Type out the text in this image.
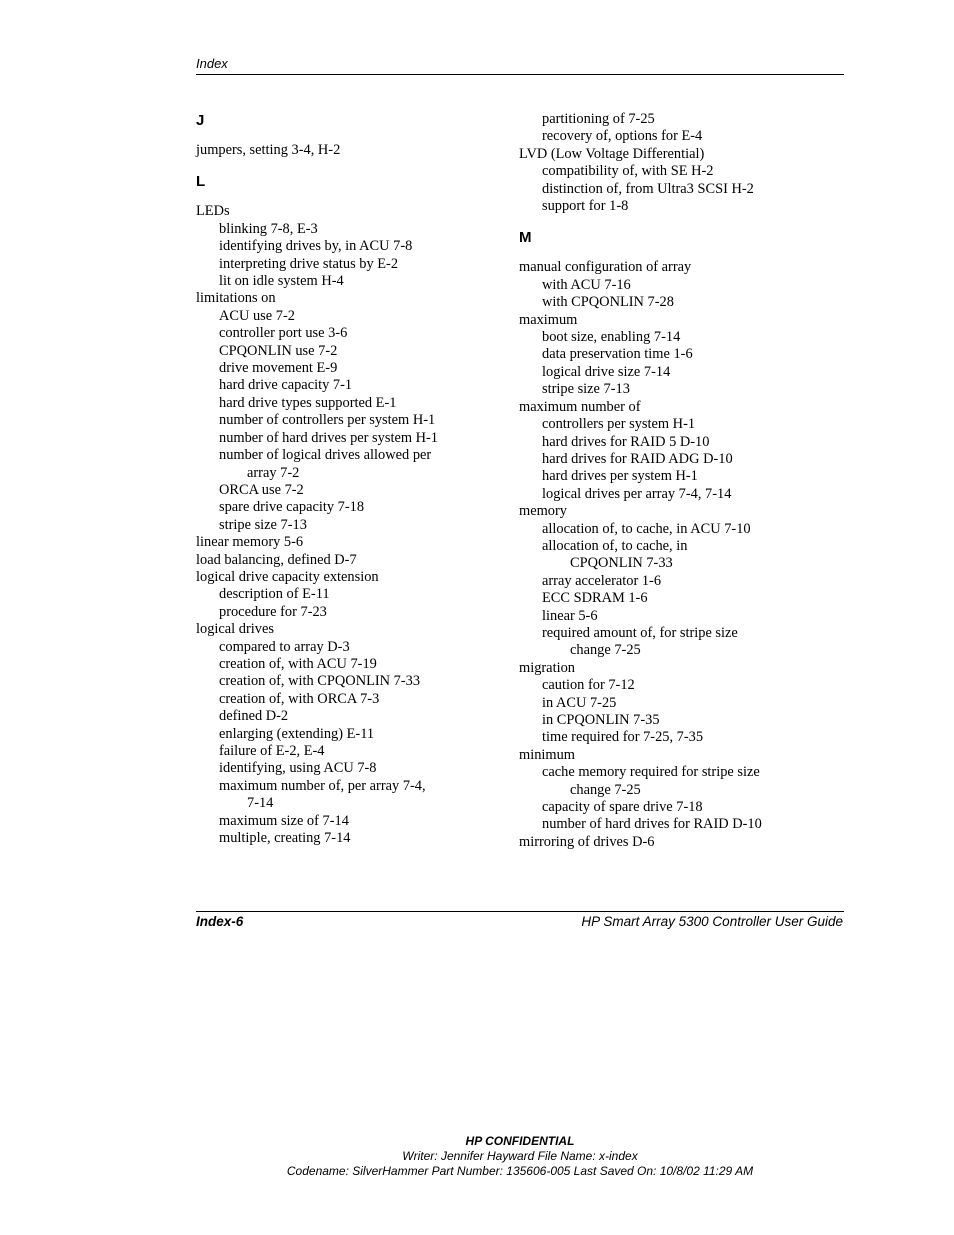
Index
J
jumpers, setting 3-4, H-2
L
LEDs
blinking 7-8, E-3
identifying drives by, in ACU 7-8
interpreting drive status by E-2
lit on idle system H-4
limitations on
ACU use 7-2
controller port use 3-6
CPQONLIN use 7-2
drive movement E-9
hard drive capacity 7-1
hard drive types supported E-1
number of controllers per system H-1
number of hard drives per system H-1
number of logical drives allowed per
array 7-2
ORCA use 7-2
spare drive capacity 7-18
stripe size 7-13
linear memory 5-6
load balancing, defined D-7
logical drive capacity extension
description of E-11
procedure for 7-23
logical drives
compared to array D-3
creation of, with ACU 7-19
creation of, with CPQONLIN 7-33
creation of, with ORCA 7-3
defined D-2
enlarging (extending) E-11
failure of E-2, E-4
identifying, using ACU 7-8
maximum number of, per array 7-4,
7-14
maximum size of 7-14
multiple, creating 7-14
partitioning of 7-25
recovery of, options for E-4
LVD (Low Voltage Differential)
compatibility of, with SE H-2
distinction of, from Ultra3 SCSI H-2
support for 1-8
M
manual configuration of array
with ACU 7-16
with CPQONLIN 7-28
maximum
boot size, enabling 7-14
data preservation time 1-6
logical drive size 7-14
stripe size 7-13
maximum number of
controllers per system H-1
hard drives for RAID 5 D-10
hard drives for RAID ADG D-10
hard drives per system H-1
logical drives per array 7-4, 7-14
memory
allocation of, to cache, in ACU 7-10
allocation of, to cache, in
CPQONLIN 7-33
array accelerator 1-6
ECC SDRAM 1-6
linear 5-6
required amount of, for stripe size
change 7-25
migration
caution for 7-12
in ACU 7-25
in CPQONLIN 7-35
time required for 7-25, 7-35
minimum
cache memory required for stripe size
change 7-25
capacity of spare drive 7-18
number of hard drives for RAID D-10
mirroring of drives D-6
Index-6	HP Smart Array 5300 Controller User Guide
HP CONFIDENTIAL
Writer: Jennifer Hayward File Name: x-index
Codename: SilverHammer Part Number: 135606-005 Last Saved On: 10/8/02 11:29 AM
